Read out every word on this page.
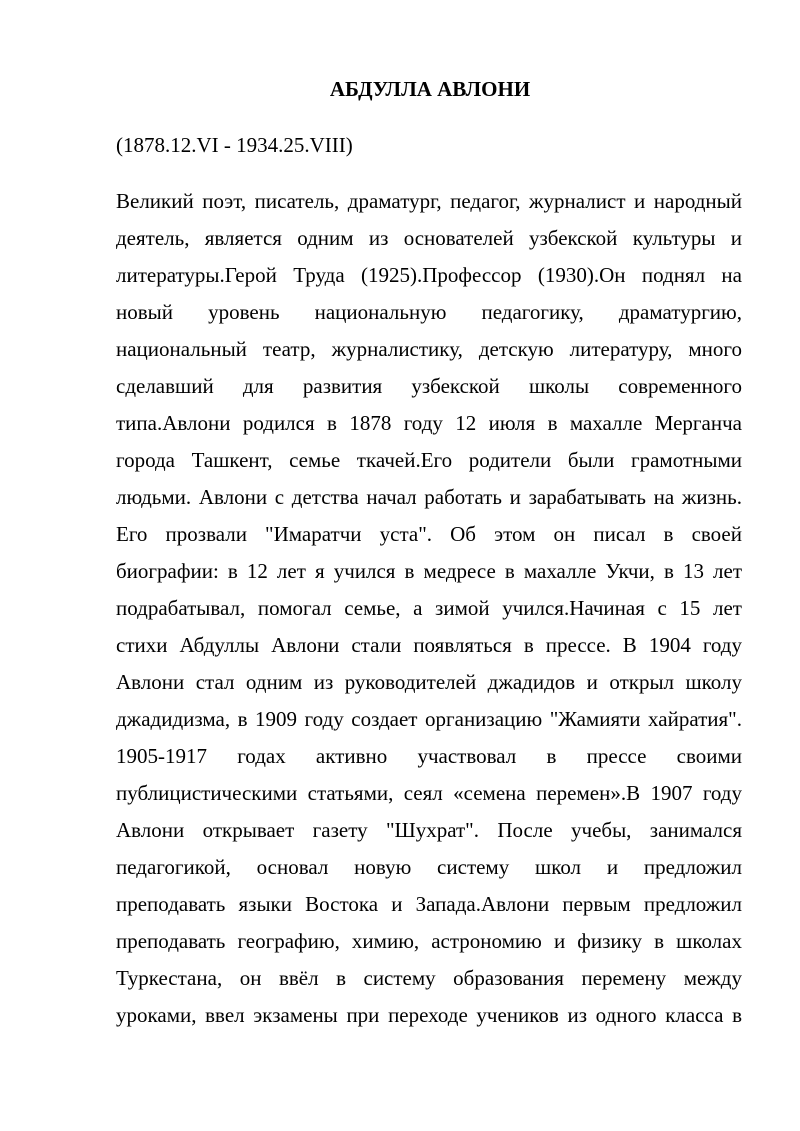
АБДУЛЛА АВЛОНИ
(1878.12.VI - 1934.25.VIII)
Великий поэт, писатель, драматург, педагог, журналист и народный
деятель, является одним из основателей узбекской культуры и
литературы.Герой Труда (1925).Профессор (1930).Он поднял на
новый уровень национальную педагогику, драматургию,
национальный театр, журналистику, детскую литературу, много
сделавший для развития узбекской школы современного
типа.Авлони родился в 1878 году 12 июля в махалле Мерганча
города Ташкент, семье ткачей.Его родители были грамотными
людьми. Авлони с детства начал работать и зарабатывать на жизнь.
Его прозвали "Имаратчи уста". Об этом он писал в своей
биографии: в 12 лет я учился в медресе в махалле Укчи, в 13 лет
подрабатывал, помогал семье, а зимой учился.Начиная с 15 лет
стихи Абдуллы Авлони стали появляться в прессе. В 1904 году
Авлони стал одним из руководителей джадидов и открыл школу
джадидизма, в 1909 году создает организацию "Жамияти хайратия".
1905-1917 годах активно участвовал в прессе своими
публицистическими статьями, сеял «семена перемен».В 1907 году
Авлони открывает газету "Шухрат". После учебы, занимался
педагогикой, основал новую систему школ и предложил
преподавать языки Востока и Запада.Авлони первым предложил
преподавать географию, химию, астрономию и физику в школах
Туркестана, он ввёл в систему образования перемену между
уроками, ввел экзамены при переходе учеников из одного класса в
